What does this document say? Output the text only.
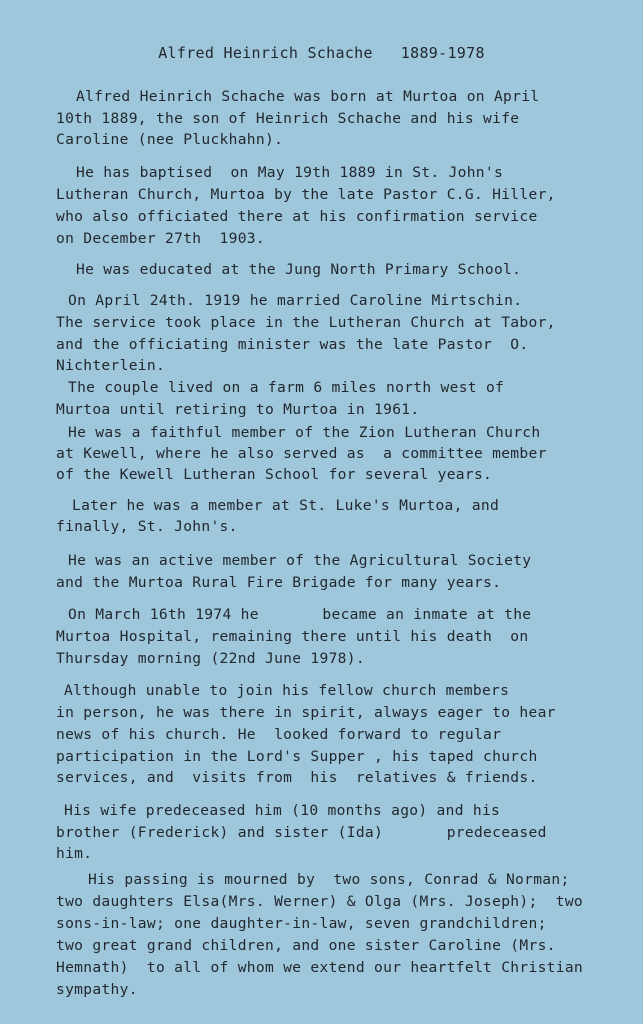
Alfred Heinrich Schache   1889-1978
Alfred Heinrich Schache was born at Murtoa on April
10th 1889, the son of Heinrich Schache and his wife
Caroline (nee Pluckhahn).
He has baptised  on May 19th 1889 in St. John's
Lutheran Church, Murtoa by the late Pastor C.G. Hiller,
who also officiated there at his confirmation service
on December 27th  1903.
He was educated at the Jung North Primary School.
On April 24th. 1919 he married Caroline Mirtschin.
The service took place in the Lutheran Church at Tabor,
and the officiating minister was the late Pastor  O.
Nichterlein.
The couple lived on a farm 6 miles north west of
Murtoa until retiring to Murtoa in 1961.
He was a faithful member of the Zion Lutheran Church
at Kewell, where he also served as  a committee member
of the Kewell Lutheran School for several years.
Later he was a member at St. Luke's Murtoa, and
finally, St. John's.
He was an active member of the Agricultural Society
and the Murtoa Rural Fire Brigade for many years.
On March 16th 1974 he       became an inmate at the
Murtoa Hospital, remaining there until his death  on
Thursday morning (22nd June 1978).
Although unable to join his fellow church members
in person, he was there in spirit, always eager to hear
news of his church. He  looked forward to regular
participation in the Lord's Supper , his taped church
services, and  visits from  his  relatives & friends.
His wife predeceased him (10 months ago) and his
brother (Frederick) and sister (Ida)       predeceased
him.
His passing is mourned by  two sons, Conrad & Norman;
two daughters Elsa(Mrs. Werner) & Olga (Mrs. Joseph);  two
sons-in-law; one daughter-in-law, seven grandchildren;
two great grand children, and one sister Caroline (Mrs.
Hemnath)  to all of whom we extend our heartfelt Christian
sympathy.
